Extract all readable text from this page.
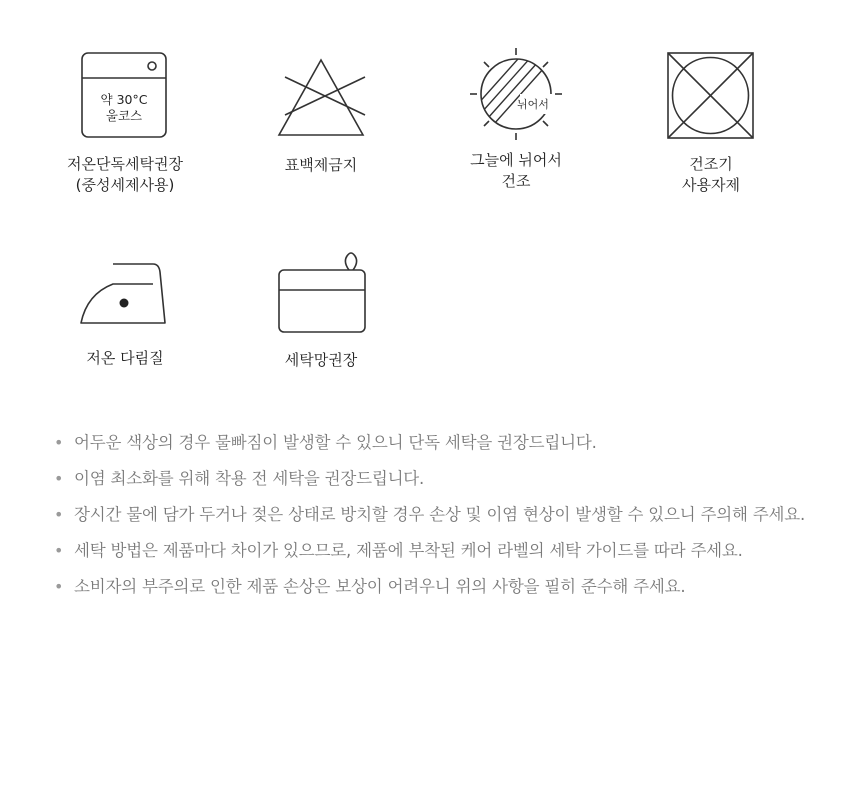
약 30°C
울코스
저온단독세탁권장
(중성세제사용)
표백제금지
뉘어서
그늘에 뉘어서
건조
건조기
사용자제
저온 다림질	세탁망권장
• 어두운 색상의 경우 물빠짐이 발생할 수 있으니 단독 세탁을 권장드립니다.
• 이염 최소화를 위해 착용 전 세탁을 권장드립니다.
• 장시간 물에 담가 두거나 젖은 상태로 방치할 경우 손상 및 이염 현상이 발생할 수 있으니 주의해 주세요.
• 세탁 방법은 제품마다 차이가 있으므로, 제품에 부착된 케어 라벨의 세탁 가이드를 따라 주세요.
• 소비자의 부주의로 인한 제품 손상은 보상이 어려우니 위의 사항을 필히 준수해 주세요.
